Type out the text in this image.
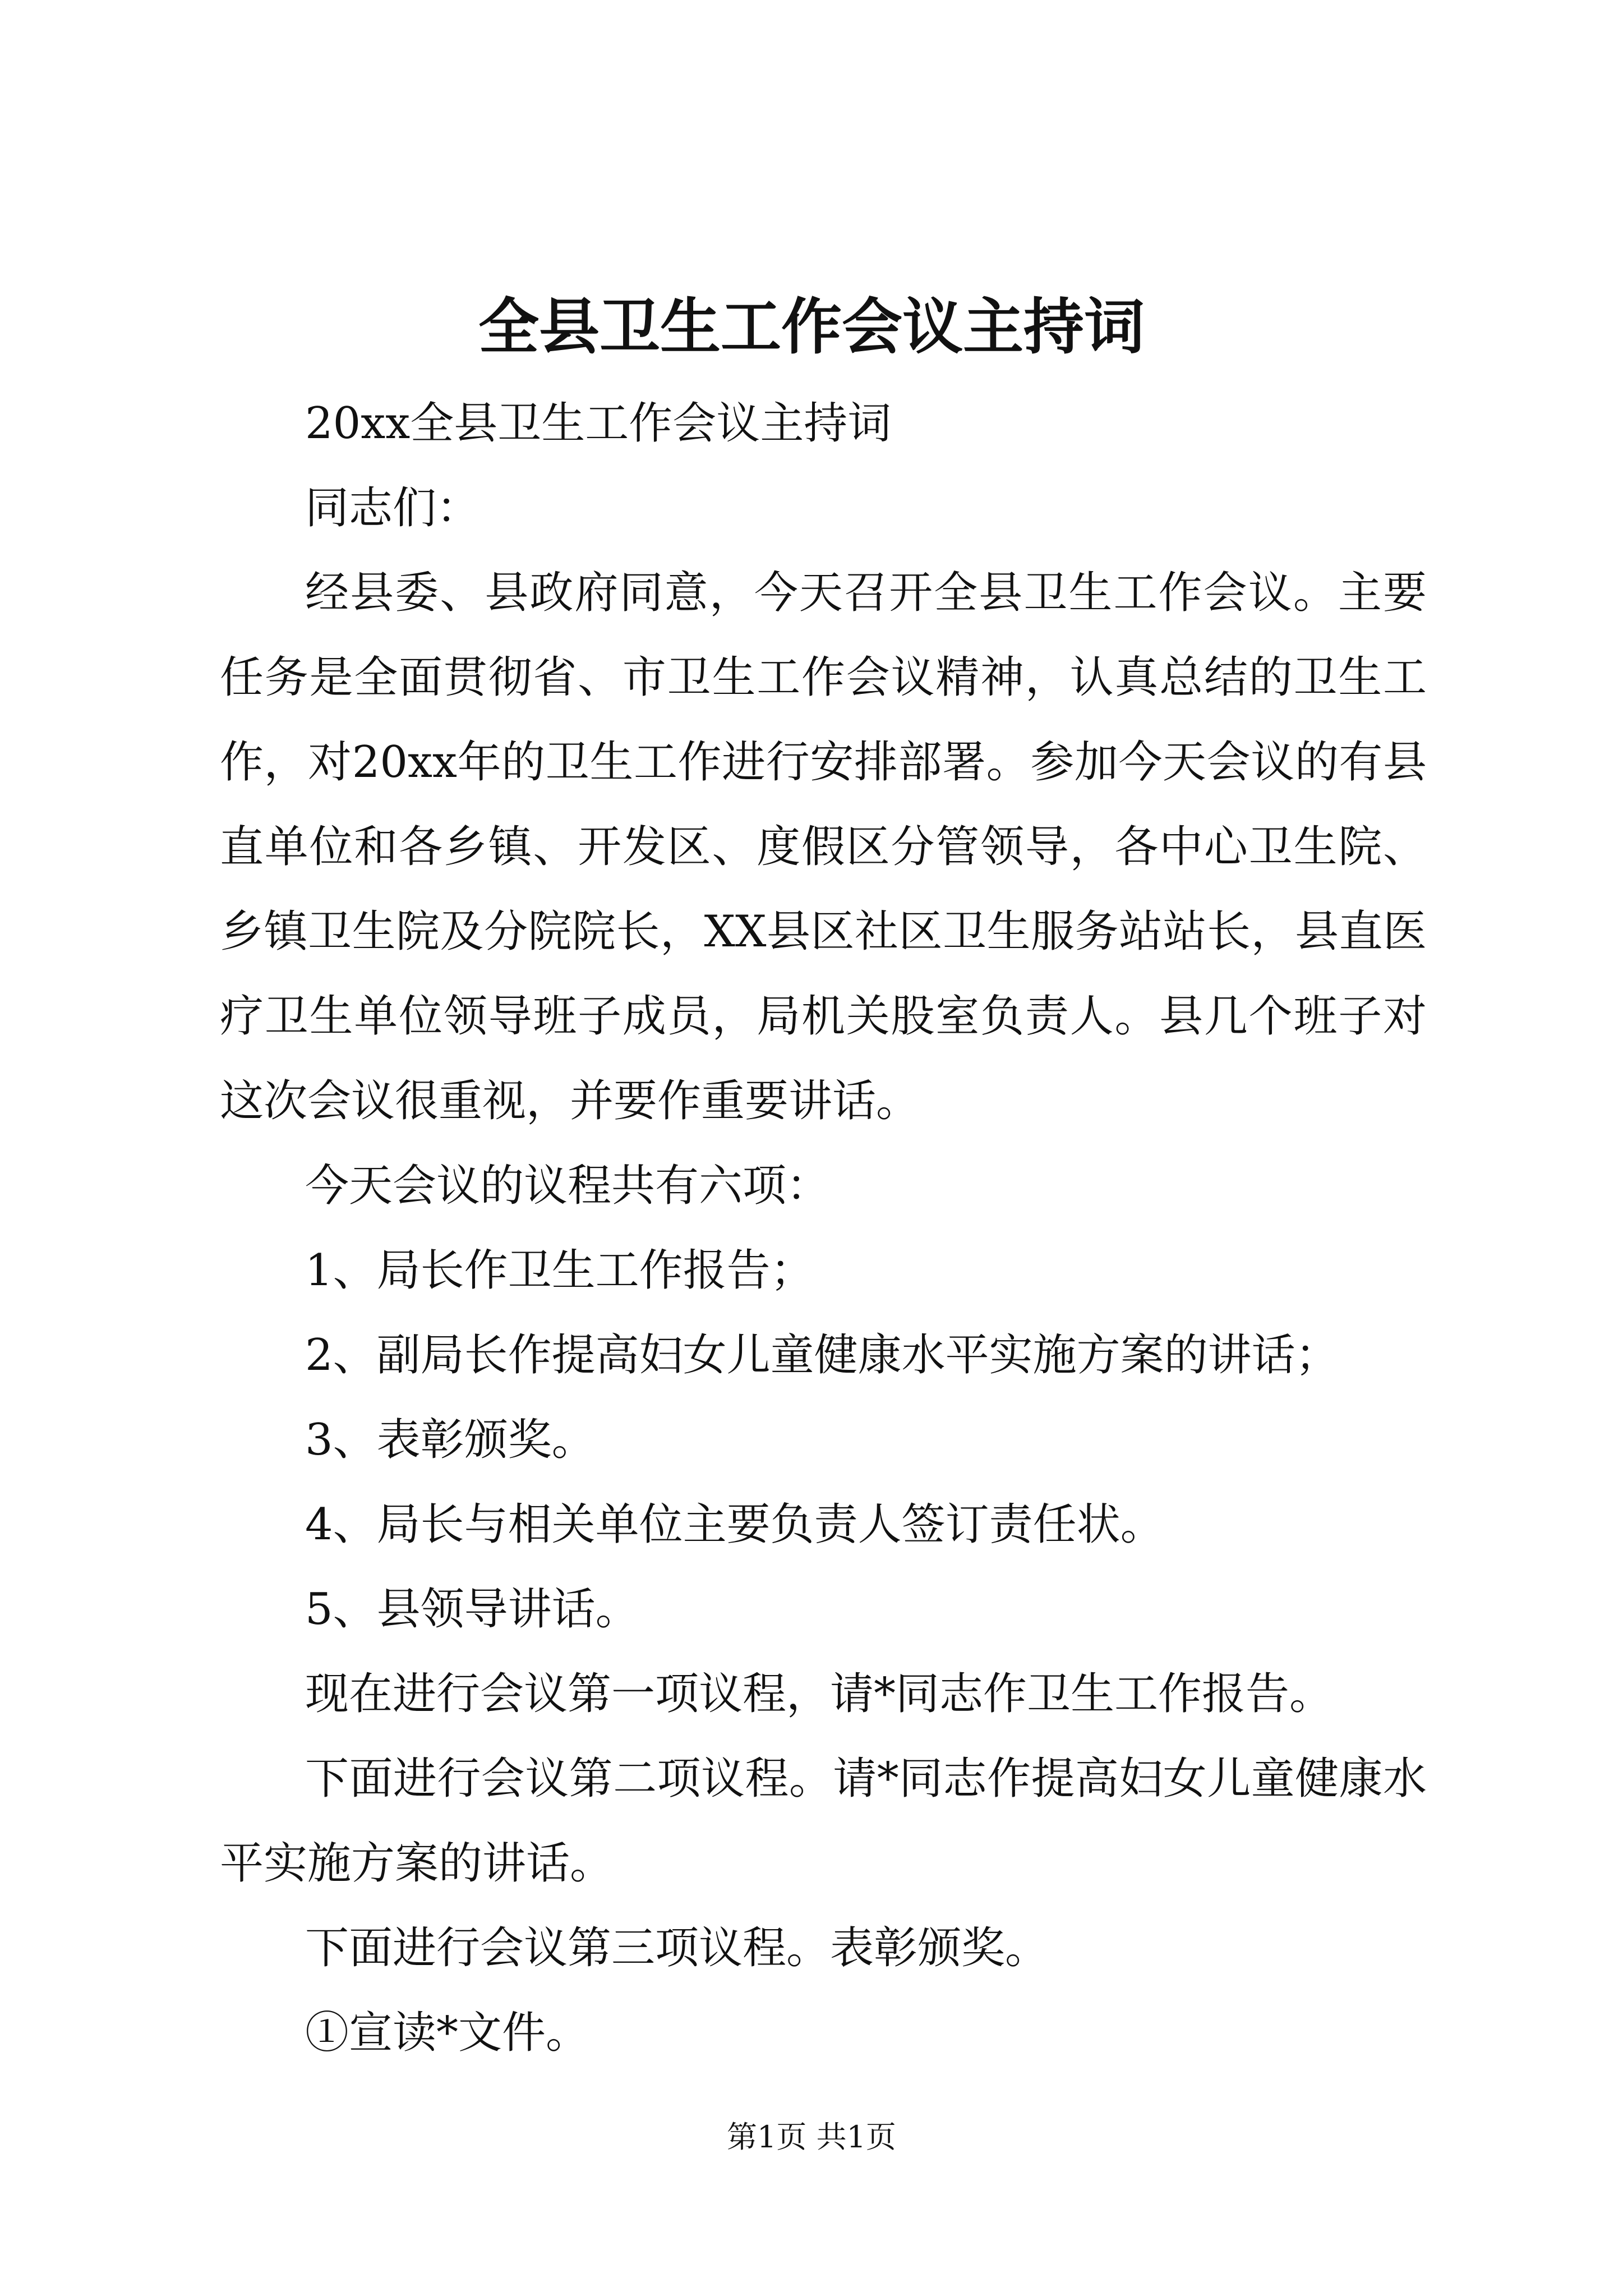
全县卫生工作会议主持词

20xx全县卫生工作会议主持词

同志们：

经县委、县政府同意，今天召开全县卫生工作会议。主要任务是全面贯彻省、市卫生工作会议精神，认真总结的卫生工作，对20xx年的卫生工作进行安排部署。参加今天会议的有县直单位和各乡镇、开发区、度假区分管领导，各中心卫生院、乡镇卫生院及分院院长，XX县区社区卫生服务站站长，县直医疗卫生单位领导班子成员，局机关股室负责人。县几个班子对这次会议很重视，并要作重要讲话。

今天会议的议程共有六项：

1、局长作卫生工作报告；

2、副局长作提高妇女儿童健康水平实施方案的讲话；

3、表彰颁奖。

4、局长与相关单位主要负责人签订责任状。

5、县领导讲话。

现在进行会议第一项议程，请*同志作卫生工作报告。

下面进行会议第二项议程。请*同志作提高妇女儿童健康水平实施方案的讲话。

下面进行会议第三项议程。表彰颁奖。

①宣读*文件。

第1页 共1页
